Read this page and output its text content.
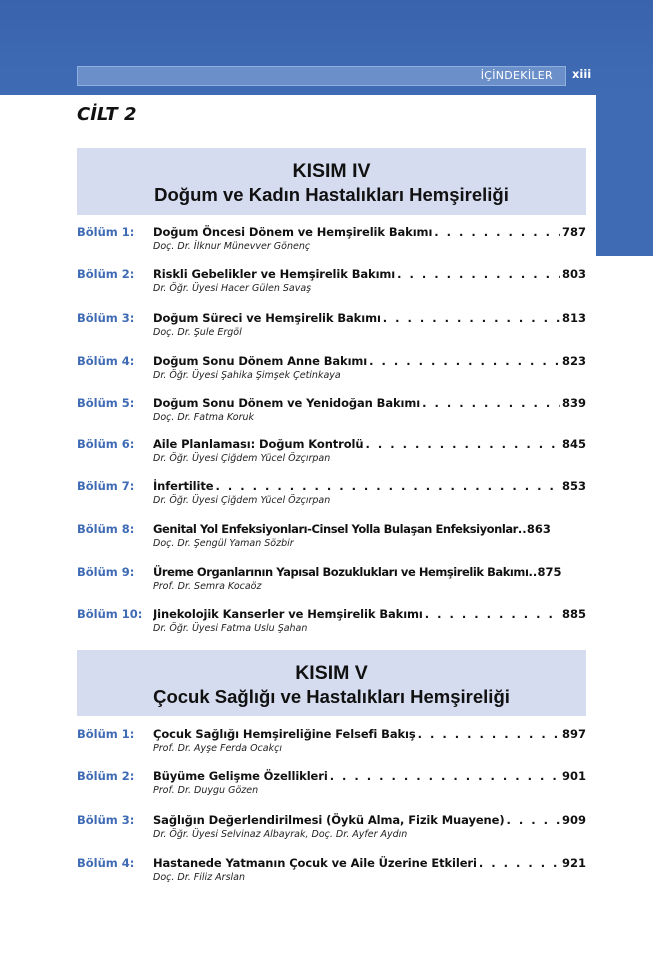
İÇİNDEKİLER xiii
CİLT 2
KISIM IV
Doğum ve Kadın Hastalıkları Hemşireliği
Bölüm 1: Doğum Öncesi Dönem ve Hemşirelik Bakımı . . .	787
Doç. Dr. İlknur Münevver Gönenç
Bölüm 2: Riskli Gebelikler ve Hemşirelik Bakımı . . .	803
Dr. Öğr. Üyesi Hacer Gülen Savaş
Bölüm 3: Doğum Süreci ve Hemşirelik Bakımı . . .	813
Doç. Dr. Şule Ergöl
Bölüm 4: Doğum Sonu Dönem Anne Bakımı . . .	823
Dr. Öğr. Üyesi Şahika Şimşek Çetinkaya
Bölüm 5: Doğum Sonu Dönem ve Yenidoğan Bakımı . . .	839
Doç. Dr. Fatma Koruk
Bölüm 6: Aile Planlaması: Doğum Kontrolü . . .	845
Dr. Öğr. Üyesi Çiğdem Yücel Özçırpan
Bölüm 7: İnfertilite . . .	853
Dr. Öğr. Üyesi Çiğdem Yücel Özçırpan
Bölüm 8: Genital Yol Enfeksiyonları-Cinsel Yolla Bulaşan Enfeksiyonlar .. 863
Doç. Dr. Şengül Yaman Sözbir
Bölüm 9: Üreme Organlarının Yapısal Bozuklukları ve Hemşirelik Bakımı .. 875
Prof. Dr. Semra Kocaöz
Bölüm 10: Jinekolojik Kanserler ve Hemşirelik Bakımı . . .	885
Dr. Öğr. Üyesi Fatma Uslu Şahan
KISIM V
Çocuk Sağlığı ve Hastalıkları Hemşireliği
Bölüm 1: Çocuk Sağlığı Hemşireliğine Felsefi Bakış . . .	897
Prof. Dr. Ayşe Ferda Ocakçı
Bölüm 2: Büyüme Gelişme Özellikleri . . .	901
Prof. Dr. Duygu Gözen
Bölüm 3: Sağlığın Değerlendirilmesi (Öykü Alma, Fizik Muayene) . . .	909
Dr. Öğr. Üyesi Selvinaz Albayrak, Doç. Dr. Ayfer Aydın
Bölüm 4: Hastanede Yatmanın Çocuk ve Aile Üzerine Etkileri . . .	921
Doç. Dr. Filiz Arslan
